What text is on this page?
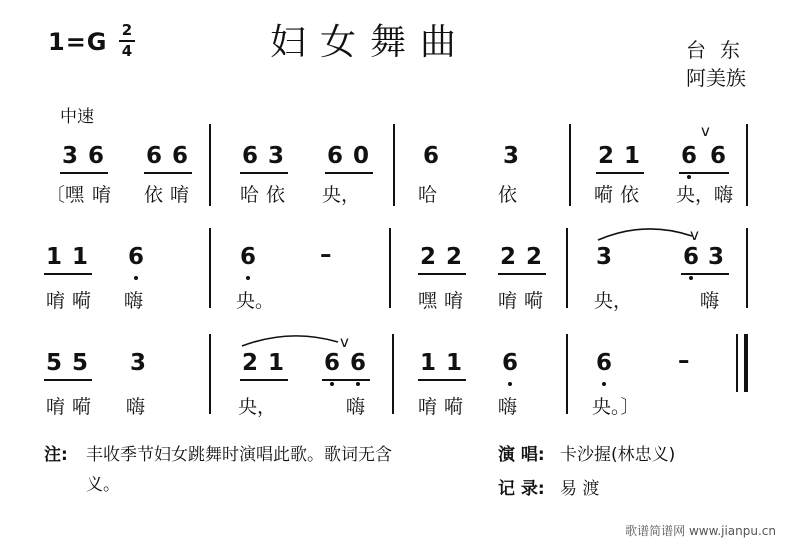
1=G 2
4	妇女舞曲	台东
阿美族
中速
3 6 6 6 6 3 6 0 6	3	2 1 6 6
v
〔嘿 唷 依 唷	哈 依 央，	哈	依	嗬 依 央，嗨
1 1 6	6	–	2 2 2 2 3	6 3
v
唷 嗬 嗨	央。	嘿 唷 唷 嗬	央，	嗨
5 5 3	2 1 6 6
v
1 1 6	6	–
唷 嗬 嗨	央，	嗨	唷 嗬 嗨	央。〕
注: 丰收季节妇女跳舞时演唱此歌。歌词无含
义。
演 唱: 卡沙握(林忠义)
记 录: 易 渡
歌谱简谱网 www.jianpu.cn
